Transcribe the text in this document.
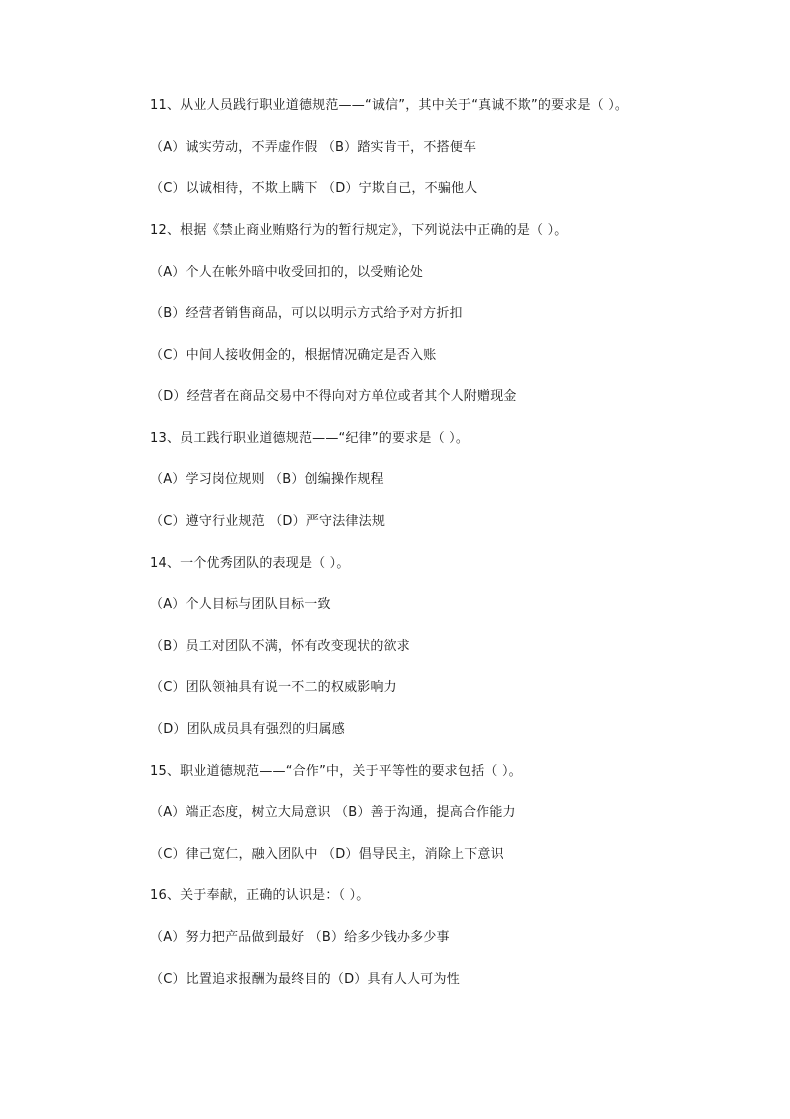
11、从业人员践行职业道德规范——“诚信”，其中关于“真诚不欺”的要求是（ ）。
（A）诚实劳动，不弄虚作假 （B）踏实肯干，不搭便车
（C）以诚相待，不欺上瞒下 （D）宁欺自己，不骗他人
12、根据《禁止商业贿赂行为的暂行规定》，下列说法中正确的是（ ）。
（A）个人在帐外暗中收受回扣的，以受贿论处
（B）经营者销售商品，可以以明示方式给予对方折扣
（C）中间人接收佣金的，根据情况确定是否入账
（D）经营者在商品交易中不得向对方单位或者其个人附赠现金
13、员工践行职业道德规范——“纪律”的要求是（ ）。
（A）学习岗位规则 （B）创编操作规程
（C）遵守行业规范 （D）严守法律法规
14、一个优秀团队的表现是（ ）。
（A）个人目标与团队目标一致
（B）员工对团队不满，怀有改变现状的欲求
（C）团队领袖具有说一不二的权威影响力
（D）团队成员具有强烈的归属感
15、职业道德规范——“合作”中，关于平等性的要求包括（ ）。
（A）端正态度，树立大局意识 （B）善于沟通，提高合作能力
（C）律己宽仁，融入团队中 （D）倡导民主，消除上下意识
16、关于奉献，正确的认识是：（ ）。
（A）努力把产品做到最好 （B）给多少钱办多少事
（C）比置追求报酬为最终目的（D）具有人人可为性
